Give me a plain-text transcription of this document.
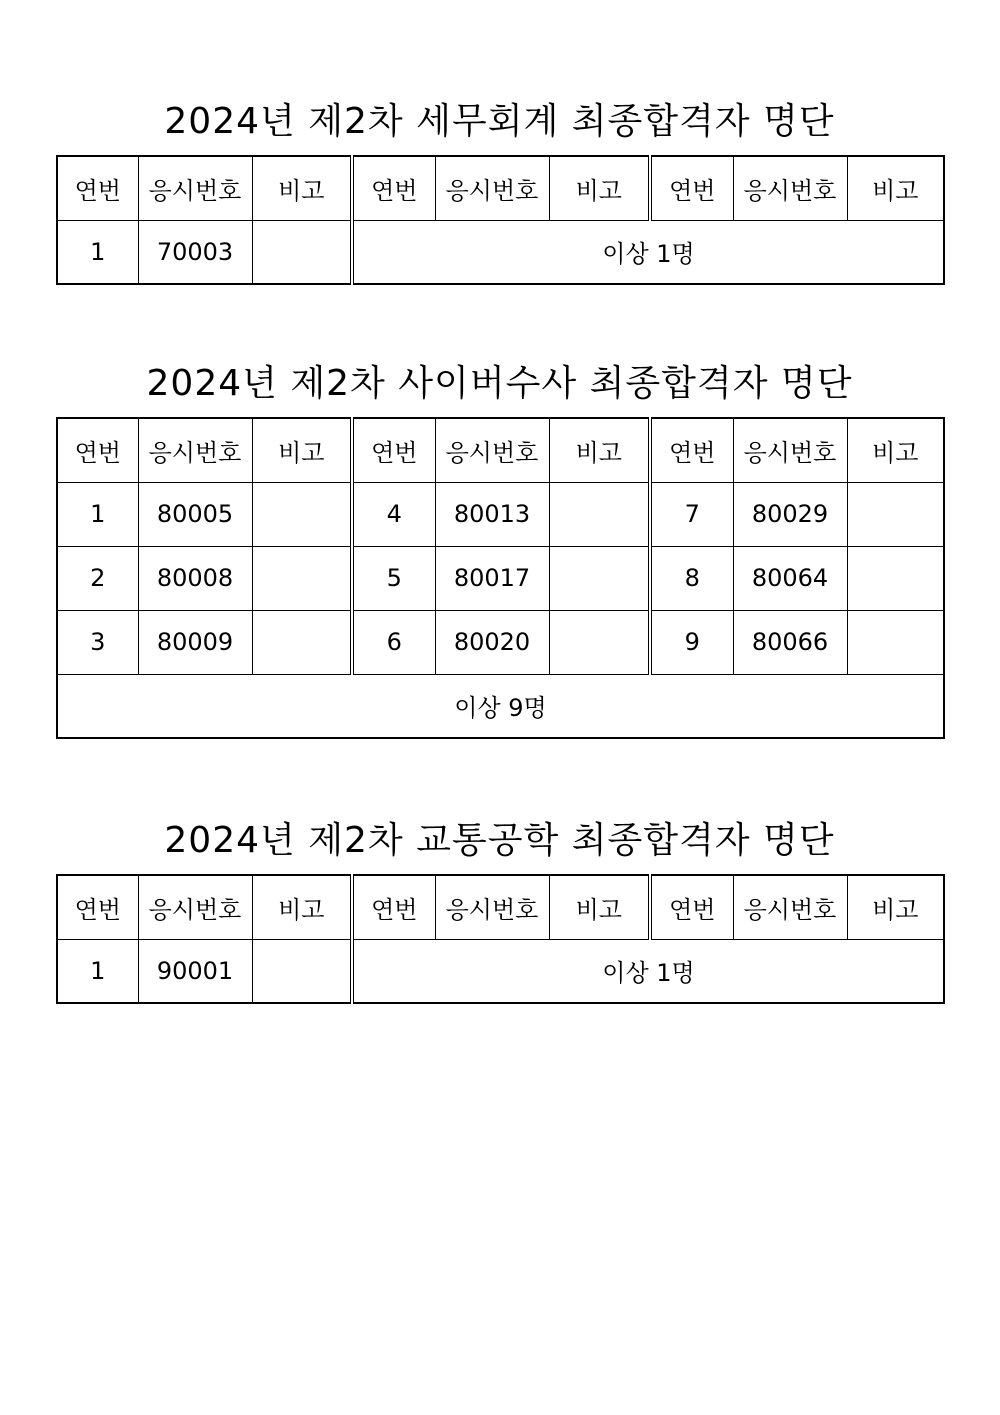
2024년 제2차 세무회계 최종합격자 명단
연번	응시번호	비고	연번	응시번호	비고	연번	응시번호	비고
1	70003		이상 1명					
2024년 제2차 사이버수사 최종합격자 명단
연번	응시번호	비고	연번	응시번호	비고	연번	응시번호	비고
1	80005		4	80013		7	80029	
2	80008		5	80017		8	80064	
3	80009		6	80020		9	80066	
이상 9명								
2024년 제2차 교통공학 최종합격자 명단
연번	응시번호	비고	연번	응시번호	비고	연번	응시번호	비고
1	90001		이상 1명					
